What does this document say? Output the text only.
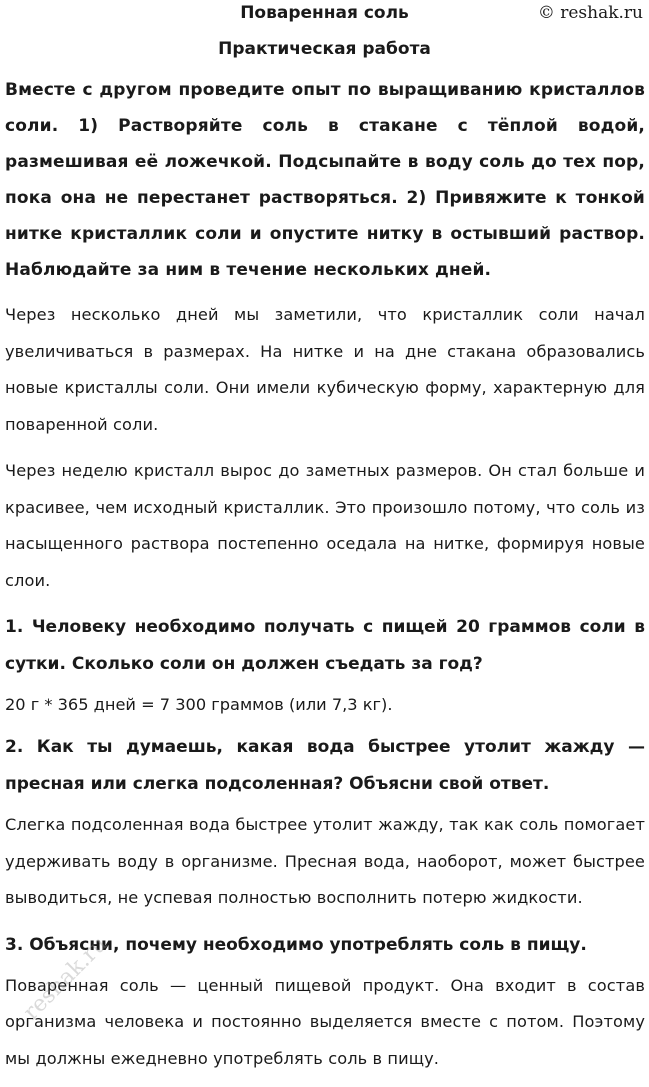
Поваренная соль	© reshak.ru
Практическая работа

Вместе с другом проведите опыт по выращиванию кристаллов соли. 1) Растворяйте соль в стакане с тёплой водой, размешивая её ложечкой. Подсыпайте в воду соль до тех пор, пока она не перестанет растворяться. 2) Привяжите к тонкой нитке кристаллик соли и опустите нитку в остывший раствор. Наблюдайте за ним в течение нескольких дней.

Через несколько дней мы заметили, что кристаллик соли начал увеличиваться в размерах. На нитке и на дне стакана образовались новые кристаллы соли. Они имели кубическую форму, характерную для поваренной соли.

Через неделю кристалл вырос до заметных размеров. Он стал больше и красивее, чем исходный кристаллик. Это произошло потому, что соль из насыщенного раствора постепенно оседала на нитке, формируя новые слои.

1. Человеку необходимо получать с пищей 20 граммов соли в сутки. Сколько соли он должен съедать за год?

20 г * 365 дней = 7 300 граммов (или 7,3 кг).

2. Как ты думаешь, какая вода быстрее утолит жажду — пресная или слегка подсоленная? Объясни свой ответ.

Слегка подсоленная вода быстрее утолит жажду, так как соль помогает удерживать воду в организме. Пресная вода, наоборот, может быстрее выводиться, не успевая полностью восполнить потерю жидкости.

3. Объясни, почему необходимо употреблять соль в пищу.

Поваренная соль — ценный пищевой продукт. Она входит в состав организма человека и постоянно выделяется вместе с потом. Поэтому мы должны ежедневно употреблять соль в пищу.

reshak.ru
